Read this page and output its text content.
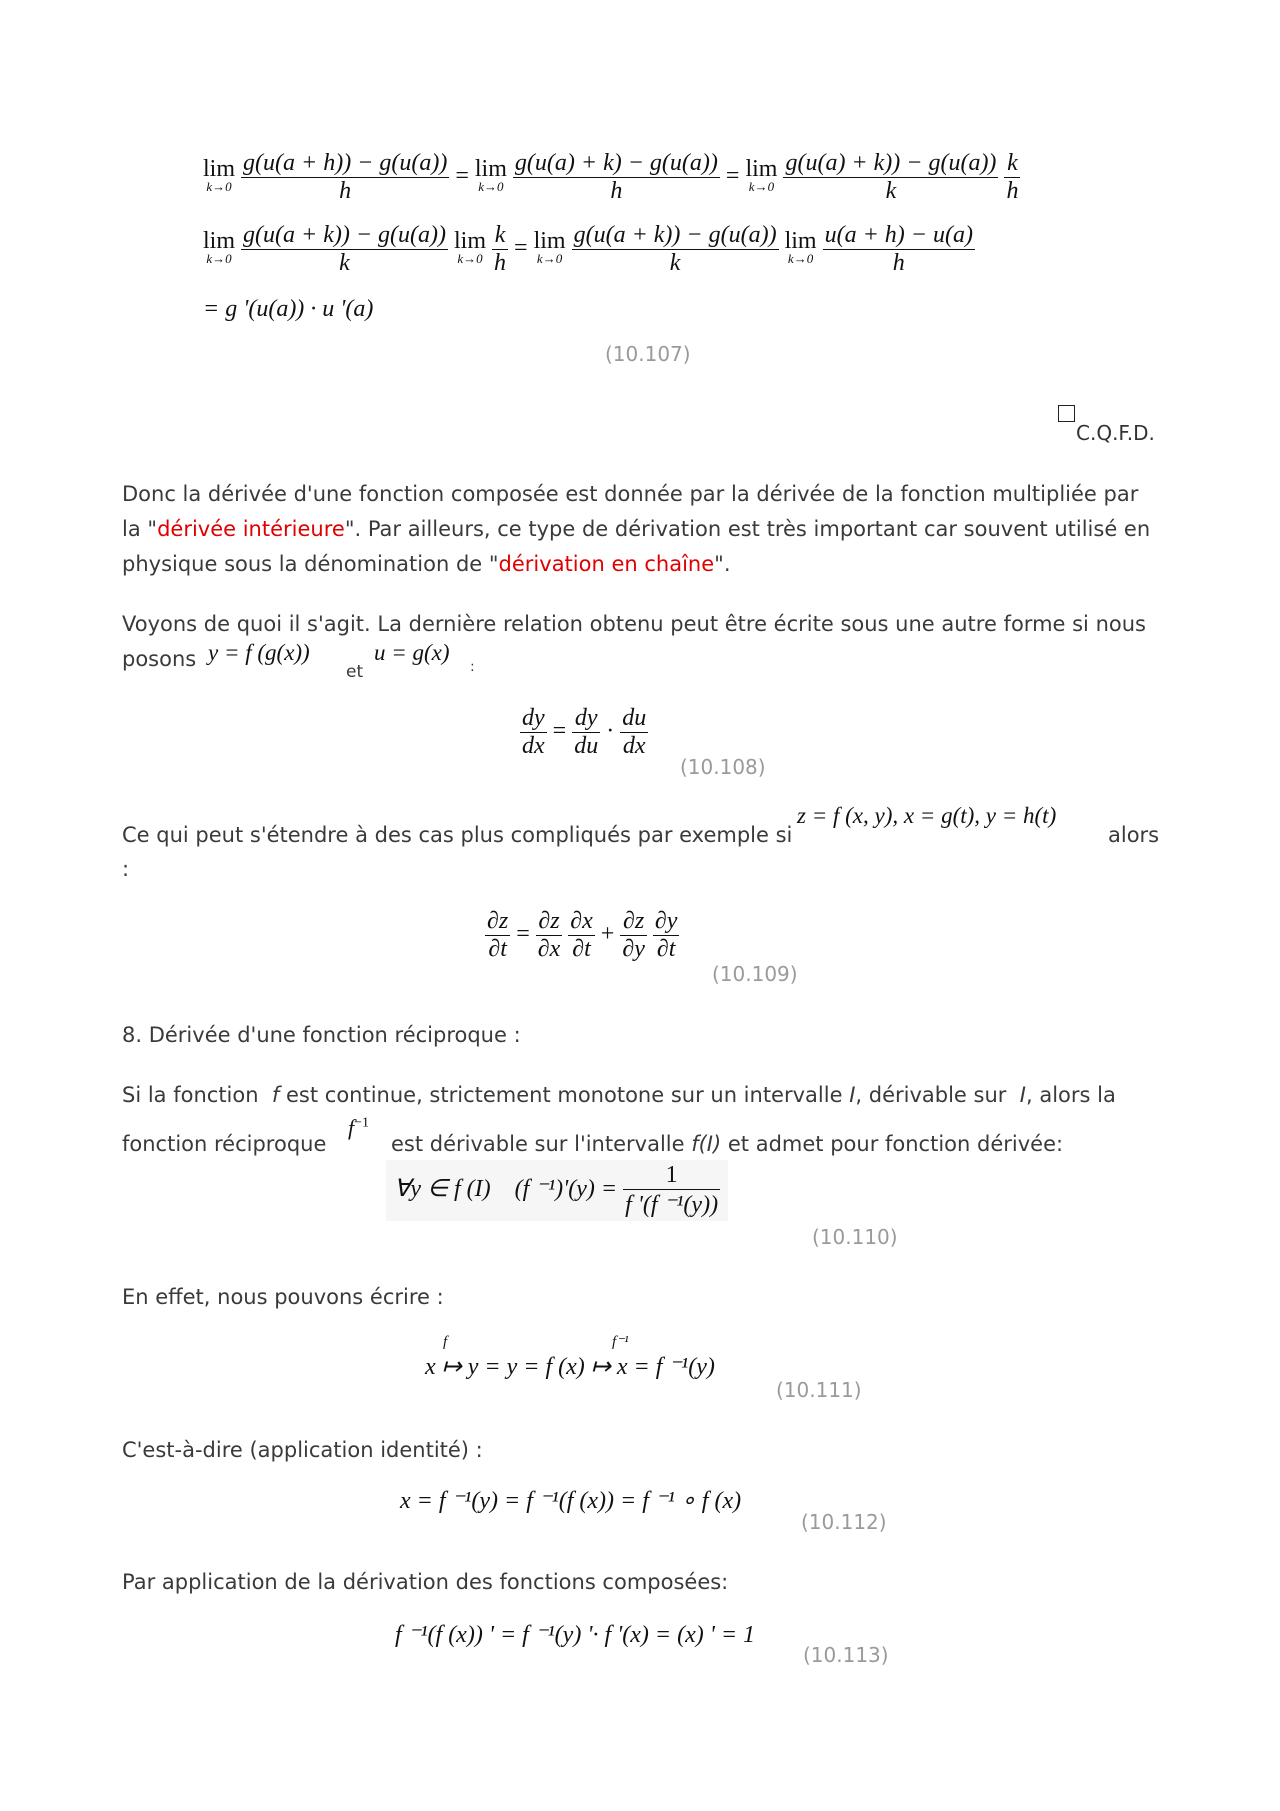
lim
k→0
$\frac{g(u(a + h)) - g(u(a))}{h} = \lim$
k→0
$\frac{g(u(a) + k) - g(u(a))}{h} = \lim$
k→0
$\frac{g(u(a) + k)) - g(u(a))}{k}$
$\frac{k}{h}$
lim
k→0
$\frac{g(u(a + k)) - g(u(a))}{k}$ lim
k→0
$\frac{k}{h} = \lim$
k→0
$\frac{g(u(a + k)) - g(u(a))}{k}$ lim
k→0
$\frac{u(a + h) - u(a)}{h}$
= g '(u(a)) · u '(a)
(10.107)
C.Q.F.D.
Donc la dérivée d'une fonction composée est donnée par la dérivée de la fonction multipliée par la "dérivée intérieure". Par ailleurs, ce type de dérivation est très important car souvent utilisé en physique sous la dénomination de "dérivation en chaîne".
Voyons de quoi il s'agit. La dernière relation obtenu peut être écrite sous une autre forme si nous posons y = f (g(x))
et
u = g(x)
:
$\frac{dy}{dx} = \frac{dy}{du} \cdot \frac{du}{dx}$
(10.108)
Ce qui peut s'étendre à des cas plus compliqués par exemple si
z = f (x, y), x = g(t), y = h(t)
alors
:
$\frac{\partial z}{\partial t} = \frac{\partial z}{\partial x}$
$\frac{\partial x}{\partial t} + \frac{\partial z}{\partial y}$
$\frac{\partial y}{\partial t}$
(10.109)
8. Dérivée d'une fonction réciproque :
Si la fonction f est continue, strictement monotone sur un intervalle I, dérivable sur I, alors la
fonction réciproque
$f^{-1}$
est dérivable sur l'intervalle f(I) et admet pour fonction dérivée:
∀y ∈ f (I) (f $^{-1})'(y) = \frac{1}{\text{f '(f ⁻¹(y))}}$
(10.110)
En effet, nous pouvons écrire :
f	f⁻¹
x ↦ y = y = f (x) ↦ x = f ⁻¹(y)
(10.111)
C'est-à-dire (application identité) :
x = f ⁻¹(y) = f ⁻¹(f (x)) = f ⁻¹ ∘ f (x)
(10.112)
Par application de la dérivation des fonctions composées:
f ⁻¹(f (x)) ' = f ⁻¹(y) '· f '(x) = (x) ' = 1
(10.113)
